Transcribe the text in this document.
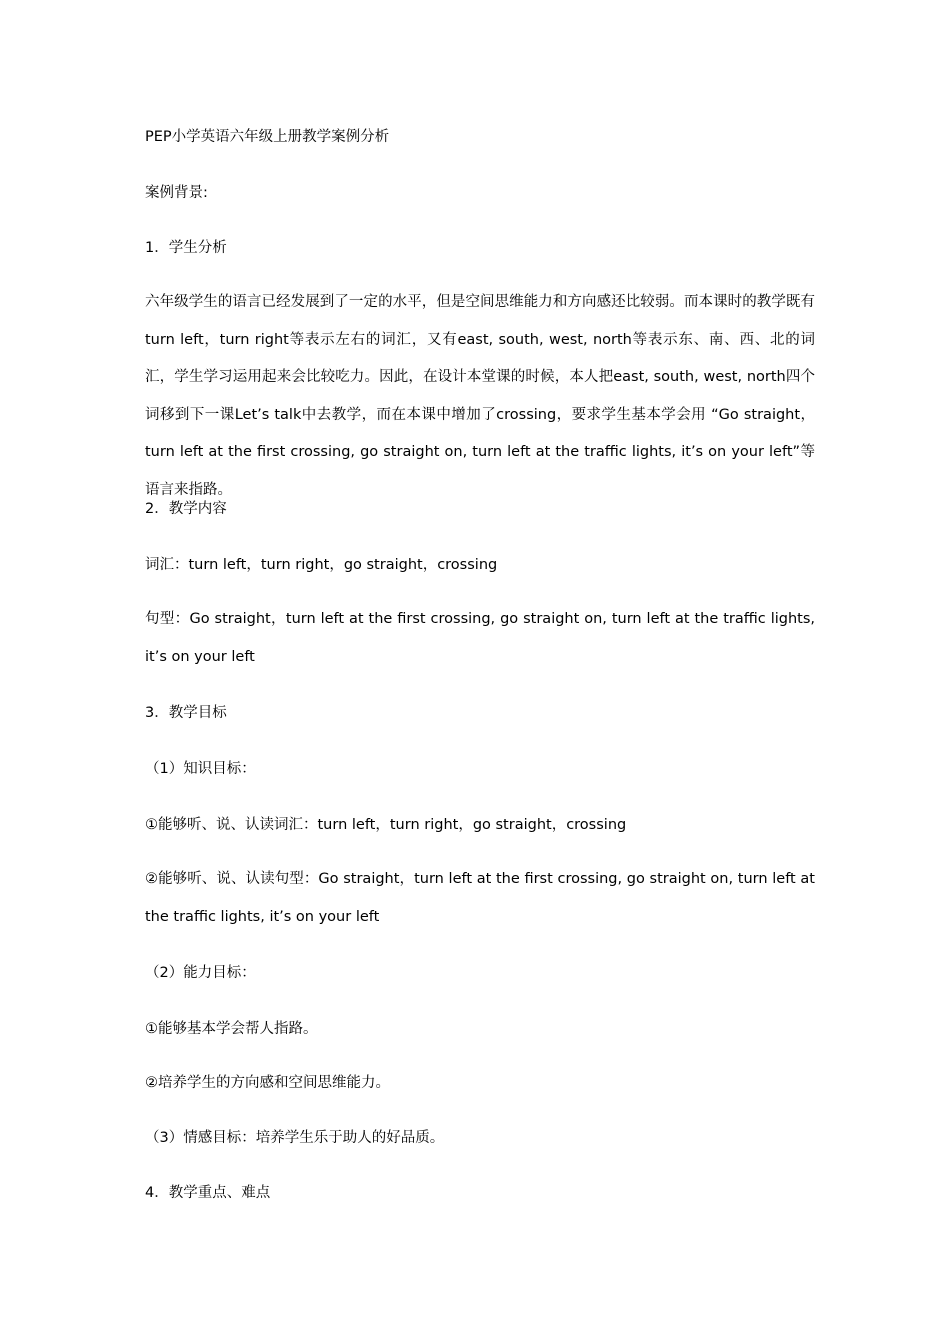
PEP小学英语六年级上册教学案例分析
案例背景:
1．学生分析
六年级学生的语言已经发展到了一定的水平，但是空间思维能力和方向感还比较弱。而本课时的教学既有turn left，turn right等表示左右的词汇，又有east, south, west, north等表示东、南、西、北的词汇，学生学习运用起来会比较吃力。因此，在设计本堂课的时候，本人把east, south, west, north四个词移到下一课Let’s talk中去教学，而在本课中增加了crossing，要求学生基本学会用 “Go straight，turn left at the first crossing, go straight on, turn left at the traffic lights, it’s on your left”等语言来指路。
2．教学内容
词汇：turn left，turn right，go straight，crossing
句型：Go straight，turn left at the first crossing, go straight on, turn left at the traffic lights, it’s on your left
3．教学目标
（1）知识目标：
①能够听、说、认读词汇：turn left，turn right，go straight，crossing
②能够听、说、认读句型：Go straight，turn left at the first crossing, go straight on, turn left at the traffic lights, it’s on your left
（2）能力目标：
①能够基本学会帮人指路。
②培养学生的方向感和空间思维能力。
（3）情感目标：培养学生乐于助人的好品质。
4．教学重点、难点
